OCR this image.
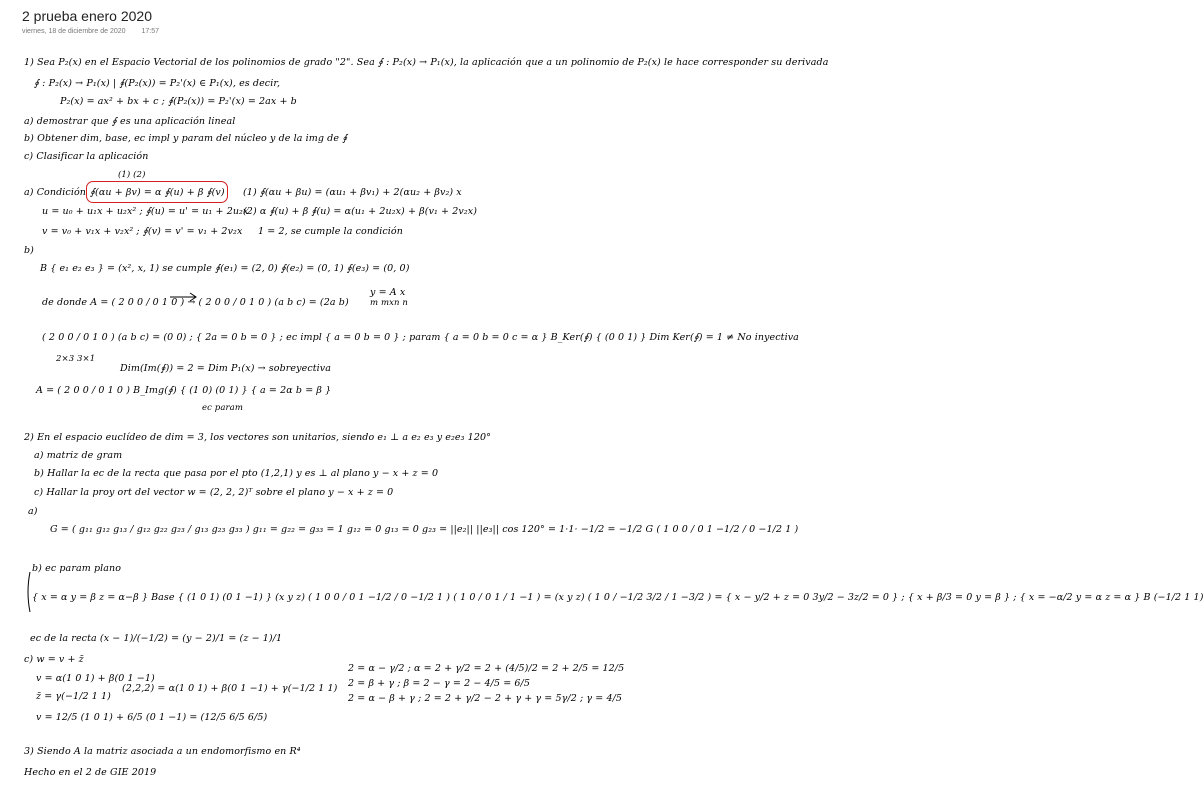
2 prueba enero 2020
viernes, 18 de diciembre de 2020 17:57
1) Sea P₂(x) en el Espacio Vectorial de los polinomios de grado "2". Sea ∮ : P₂(x) → P₁(x), la aplicación que a un polinomio de P₂(x) le hace corresponder su derivada
∮ : P₂(x) → P₁(x) | ∮(P₂(x)) = P₂'(x) ∈ P₁(x), es decir,
P₂(x) = ax² + bx + c ; ∮(P₂(x)) = P₂'(x) = 2ax + b
a) demostrar que ∮ es una aplicación lineal
b) Obtener dim, base, ec impl y param del núcleo y de la img de ∮
c) Clasificar la aplicación
(1) (2)
a) Condición ∮(αu + βv) = α ∮(u) + β ∮(v) (1) ∮(αu + βu) = (αu₁ + βv₁) + 2(αu₂ + βv₂) x
u = u₀ + u₁x + u₂x² ; ∮(u) = u' = u₁ + 2u₂x
(2) α ∮(u) + β ∮(u) = α(u₁ + 2u₂x) + β(v₁ + 2v₂x)
v = v₀ + v₁x + v₂x² ; ∮(v) = v' = v₁ + 2v₂x 1 = 2, se cumple la condición
b)
B { e₁ e₂ e₃ } = (x², x, 1) se cumple ∮(e₁) = (2, 0) ∮(e₂) = (0, 1) ∮(e₃) = (0, 0)
de donde A = ( 2 0 0 / 0 1 0 ) → ( 2 0 0 / 0 1 0 ) (a b c) = (2a b)
y = A x
m mxn n
( 2 0 0 / 0 1 0 ) (a b c) = (0 0) ; { 2a = 0 b = 0 } ; ec impl { a = 0 b = 0 } ; param { a = 0 b = 0 c = α } B_Ker(∮) { (0 0 1) } Dim Ker(∮) = 1 ≠ No inyectiva
2×3 3×1
Dim(Im(∮)) = 2 = Dim P₁(x) → sobreyectiva
A = ( 2 0 0 / 0 1 0 ) B_Img(∮) { (1 0) (0 1) } { a = 2α b = β }
ec param
2) En el espacio euclídeo de dim = 3, los vectores son unitarios, siendo e₁ ⊥ a e₂ e₃ y e₂e₃ 120°
a) matriz de gram
b) Hallar la ec de la recta que pasa por el pto (1,2,1) y es ⊥ al plano y − x + z = 0
c) Hallar la proy ort del vector w = (2, 2, 2)ᵀ sobre el plano y − x + z = 0
a)
G = ( g₁₁ g₁₂ g₁₃ / g₁₂ g₂₂ g₂₃ / g₁₃ g₂₃ g₃₃ ) g₁₁ = g₂₂ = g₃₃ = 1 g₁₂ = 0 g₁₃ = 0 g₂₃ = ||e₂|| ||e₃|| cos 120° = 1·1· −1/2 = −1/2 G ( 1 0 0 / 0 1 −1/2 / 0 −1/2 1 )
b) ec param plano
{ x = α y = β z = α−β } Base { (1 0 1) (0 1 −1) } (x y z) ( 1 0 0 / 0 1 −1/2 / 0 −1/2 1 ) ( 1 0 / 0 1 / 1 −1 ) = (x y z) ( 1 0 / −1/2 3/2 / 1 −3/2 ) = { x − y/2 + z = 0 3y/2 − 3z/2 = 0 } ; { x + β/3 = 0 y = β } ; { x = −α/2 y = α z = α } B (−1/2 1 1)
ec de la recta (x − 1)/(−1/2) = (y − 2)/1 = (z − 1)/1
c) w = v + z̄
v = α(1 0 1) + β(0 1 −1)
z̄ = γ(−1/2 1 1)
v = 12/5 (1 0 1) + 6/5 (0 1 −1) = (12/5 6/5 6/5)
(2,2,2) = α(1 0 1) + β(0 1 −1) + γ(−1/2 1 1)
2 = α − γ/2 ; α = 2 + γ/2 = 2 + (4/5)/2 = 2 + 2/5 = 12/5
2 = β + γ ; β = 2 − γ = 2 − 4/5 = 6/5
2 = α − β + γ ; 2 = 2 + γ/2 − 2 + γ + γ = 5γ/2 ; γ = 4/5
3) Siendo A la matriz asociada a un endomorfismo en R⁴
Hecho en el 2 de GIE 2019
